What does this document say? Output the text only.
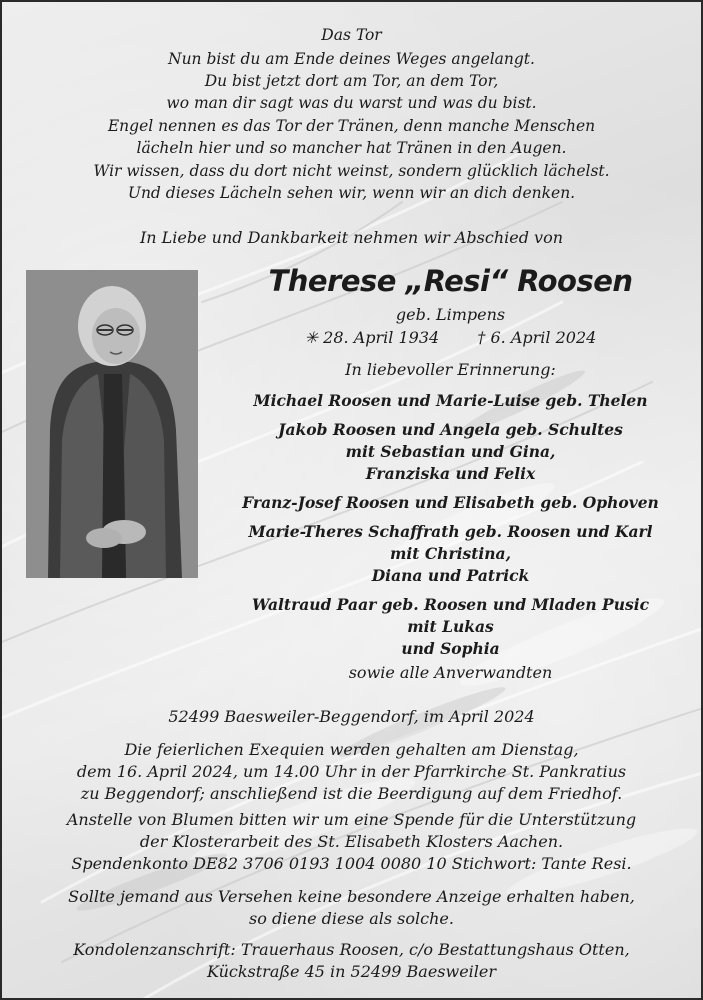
Das Tor
Nun bist du am Ende deines Weges angelangt.
Du bist jetzt dort am Tor, an dem Tor,
wo man dir sagt was du warst und was du bist.
Engel nennen es das Tor der Tränen, denn manche Menschen
lächeln hier und so mancher hat Tränen in den Augen.
Wir wissen, dass du dort nicht weinst, sondern glücklich lächelst.
Und dieses Lächeln sehen wir, wenn wir an dich denken.
In Liebe und Dankbarkeit nehmen wir Abschied von
Therese „Resi“ Roosen
geb. Limpens
✳ 28. April 1934 † 6. April 2024
In liebevoller Erinnerung:
Michael Roosen und Marie-Luise geb. Thelen
Jakob Roosen und Angela geb. Schultes
mit Sebastian und Gina,
Franziska und Felix
Franz-Josef Roosen und Elisabeth geb. Ophoven
Marie-Theres Schaffrath geb. Roosen und Karl
mit Christina,
Diana und Patrick
Waltraud Paar geb. Roosen und Mladen Pusic
mit Lukas
und Sophia
sowie alle Anverwandten
52499 Baesweiler-Beggendorf, im April 2024
Die feierlichen Exequien werden gehalten am Dienstag,
dem 16. April 2024, um 14.00 Uhr in der Pfarrkirche St. Pankratius
zu Beggendorf; anschließend ist die Beerdigung auf dem Friedhof.
Anstelle von Blumen bitten wir um eine Spende für die Unterstützung
der Klosterarbeit des St. Elisabeth Klosters Aachen.
Spendenkonto DE82 3706 0193 1004 0080 10 Stichwort: Tante Resi.
Sollte jemand aus Versehen keine besondere Anzeige erhalten haben,
so diene diese als solche.
Kondolenzanschrift: Trauerhaus Roosen, c/o Bestattungshaus Otten,
Kückstraße 45 in 52499 Baesweiler
